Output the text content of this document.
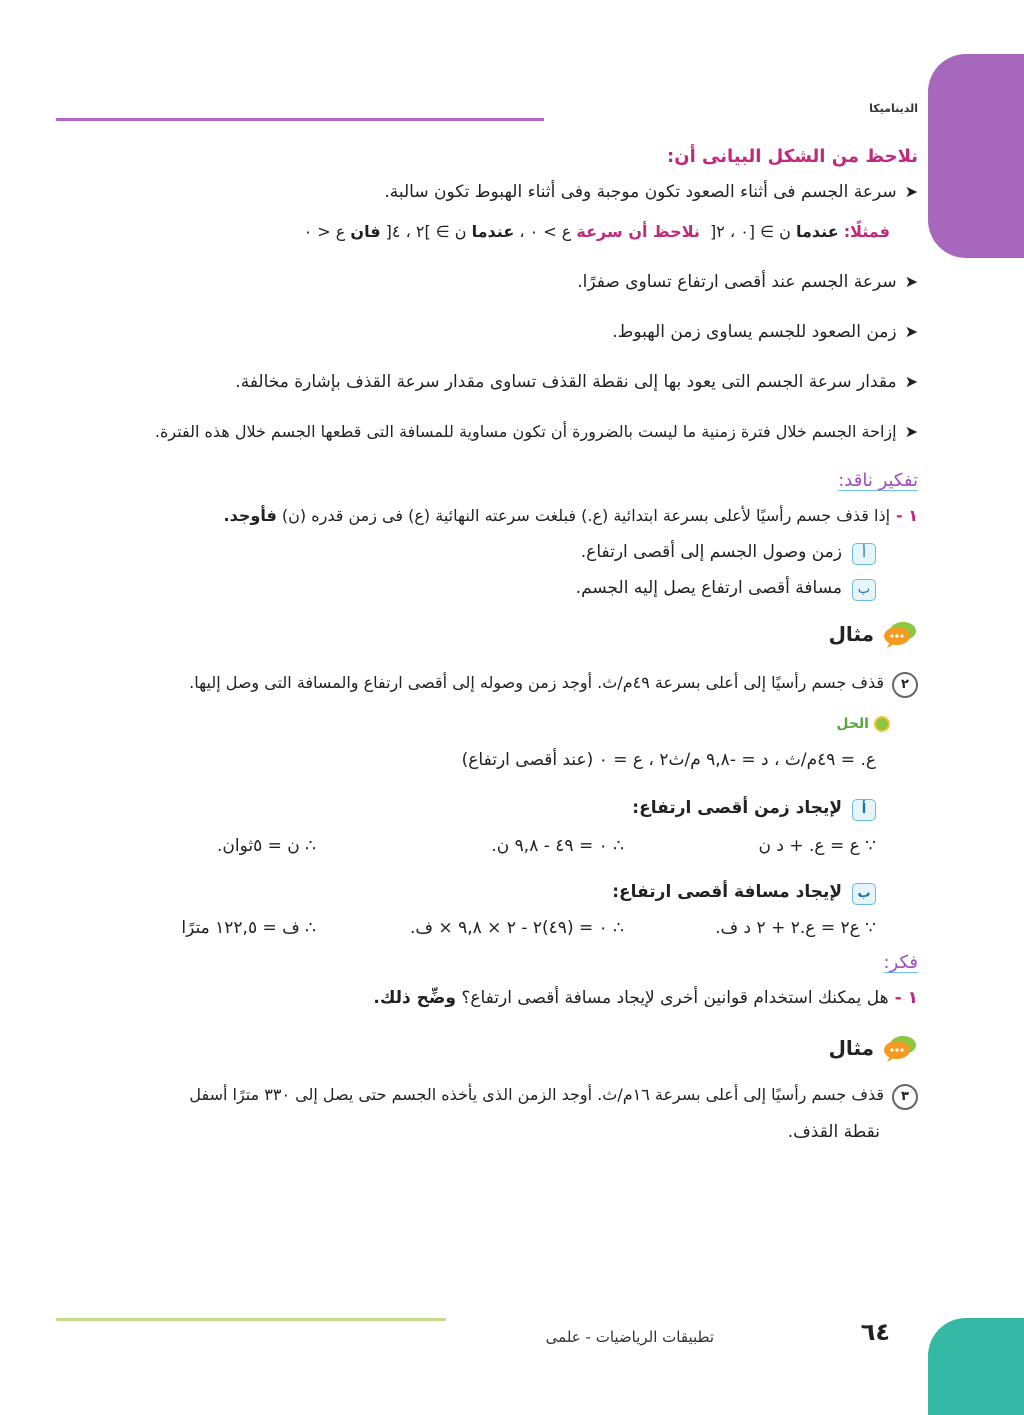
الديناميكا
نلاحظ من الشكل البيانى أن:
➤سرعة الجسم فى أثناء الصعود تكون موجبة وفى أثناء الهبوط تكون سالبة.
فمثلًا: عندما ن ∋ [٠ ، ٢[  نلاحظ أن سرعة ع > ٠ ، عندما ن ∋ ]٢ ، ٤[ فان ع < ٠
➤سرعة الجسم عند أقصى ارتفاع تساوى صفرًا.
➤زمن الصعود للجسم يساوى زمن الهبوط.
➤مقدار سرعة الجسم التى يعود بها إلى نقطة القذف تساوى مقدار سرعة القذف بإشارة مخالفة.
➤إزاحة الجسم خلال فترة زمنية ما ليست بالضرورة أن تكون مساوية للمسافة التى قطعها الجسم خلال هذه الفترة.
تفكير ناقد:
١ -إذا قذف جسم رأسيًا لأعلى بسرعة ابتدائية (ع.) فبلغت سرعته النهائية (ع) فى زمن قدره (ن) فأوجد.
أزمن وصول الجسم إلى أقصى ارتفاع.
بمسافة أقصى ارتفاع يصل إليه الجسم.
مثال
٢قذف جسم رأسيًا إلى أعلى بسرعة ٤٩م/ث. أوجد زمن وصوله إلى أقصى ارتفاع والمسافة التى وصل إليها.
الحل
ع. = ٤٩م/ث ، د = -٩,٨ م/ث٢ ، ع = ٠ (عند أقصى ارتفاع)
ألإيجاد زمن أقصى ارتفاع:
∵ ع = ع. + د ن
∴ ٠ = ٤٩ - ٩,٨ ن.
∴ ن = ٥ثوان.
بلإيجاد مسافة أقصى ارتفاع:
∵ ع٢ = ع.٢ + ٢ د ف.
∴ ٠ = (٤٩)٢ - ٢ × ٩,٨ × ف.
∴ ف = ١٢٢,٥ مترًا
فكر:
١ -هل يمكنك استخدام قوانين أخرى لإيجاد مسافة أقصى ارتفاع؟ وضِّح ذلك.
مثال
٣قذف جسم رأسيًا إلى أعلى بسرعة ١٦م/ث. أوجد الزمن الذى يأخذه الجسم حتى يصل إلى ٣٣٠ مترًا أسفل
نقطة القذف.
تطبيقات الرياضيات - علمى	٦٤
